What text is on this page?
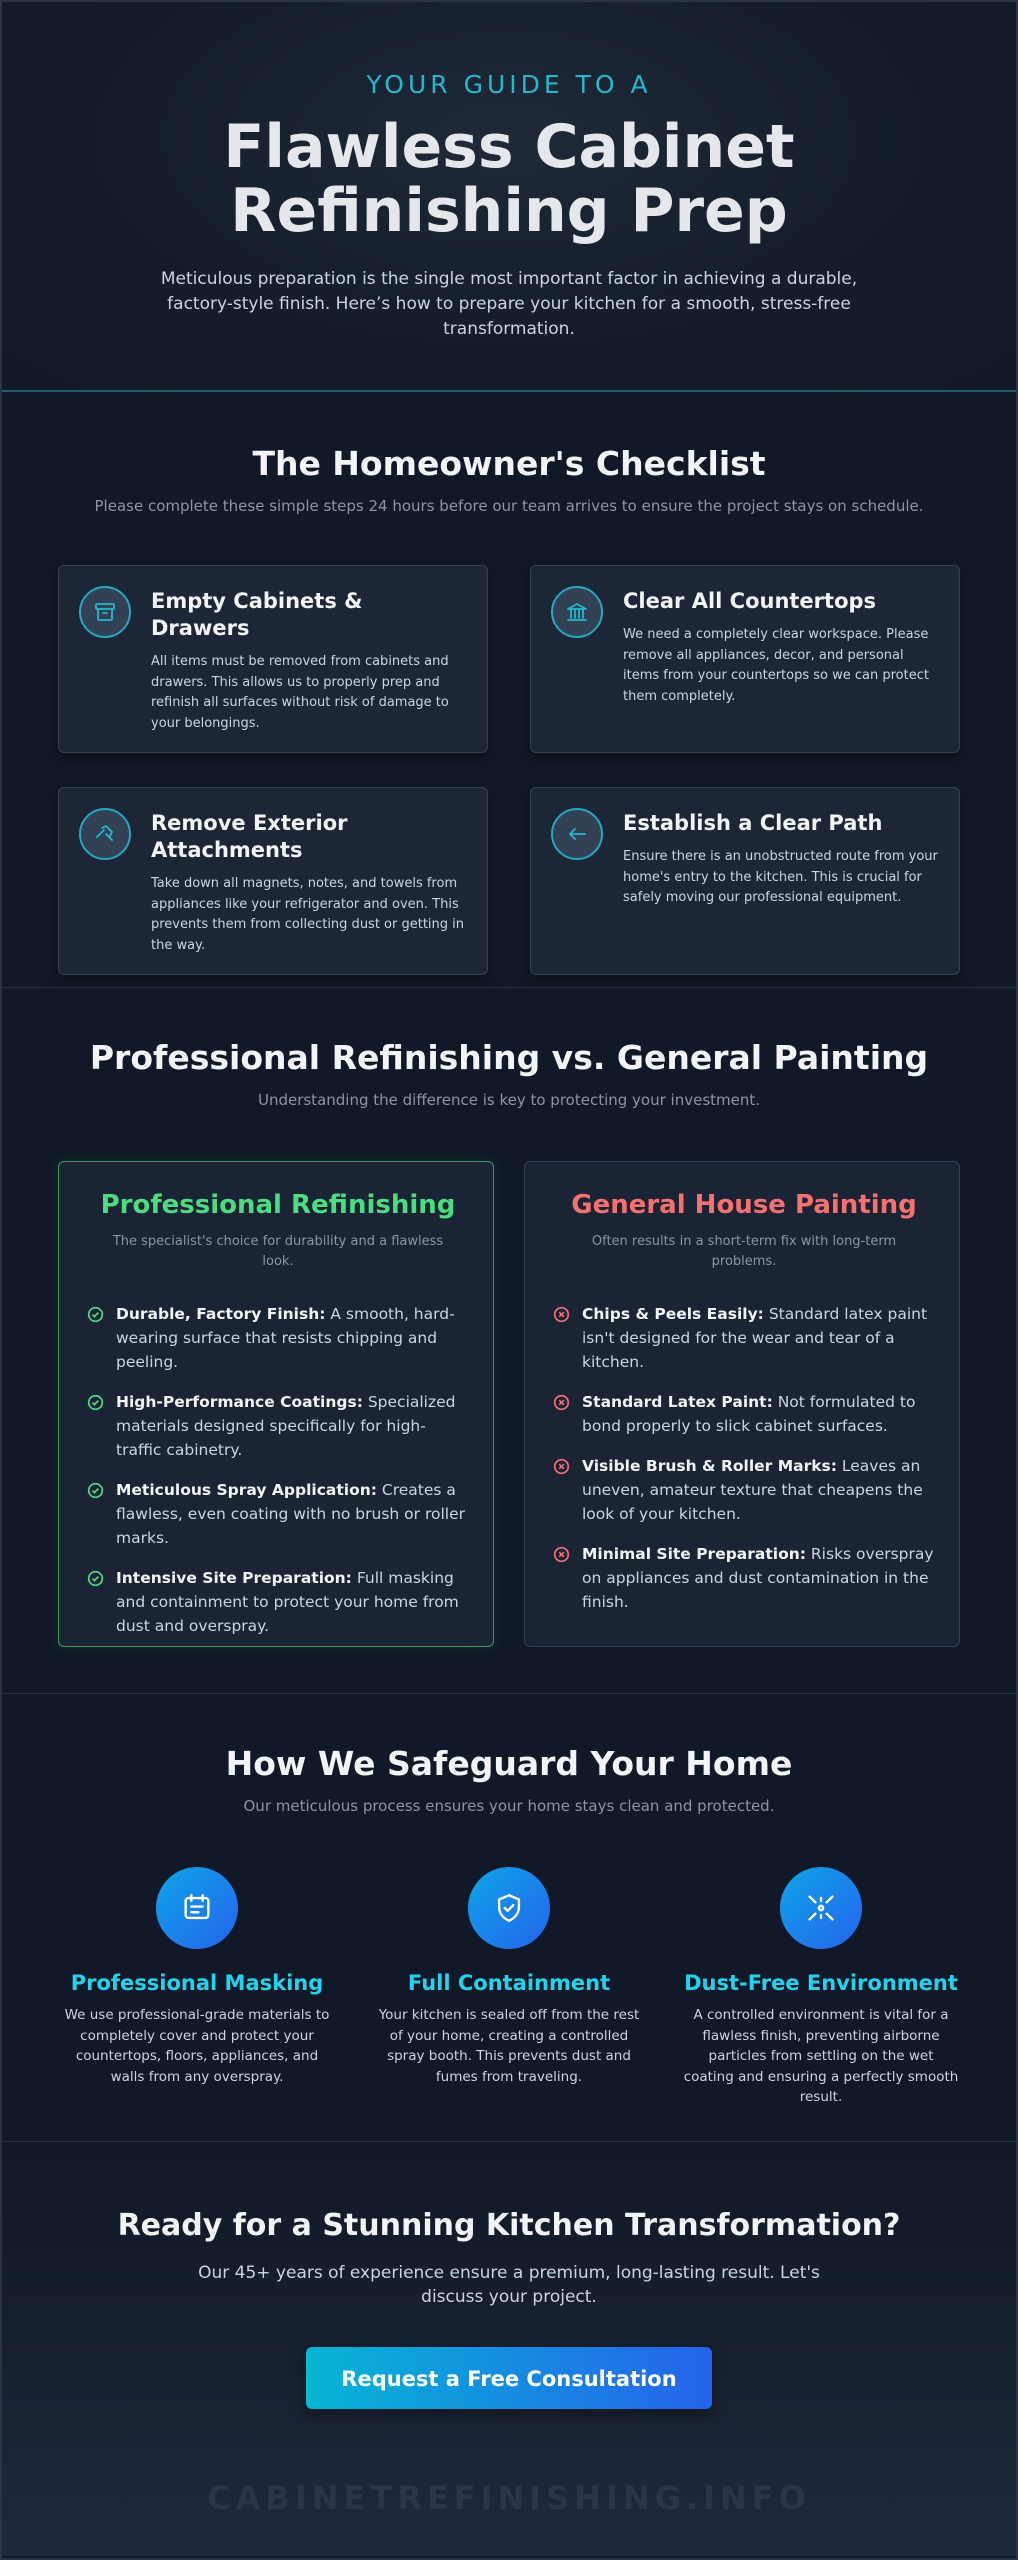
YOUR GUIDE TO A

Flawless Cabinet
Refinishing Prep

Meticulous preparation is the single most important factor in achieving a durable, factory-style finish. Here’s how to prepare your kitchen for a smooth, stress-free transformation.

The Homeowner's Checklist

Please complete these simple steps 24 hours before our team arrives to ensure the project stays on schedule.

Empty Cabinets & Drawers

All items must be removed from cabinets and drawers. This allows us to properly prep and refinish all surfaces without risk of damage to your belongings.

Clear All Countertops

We need a completely clear workspace. Please remove all appliances, decor, and personal items from your countertops so we can protect them completely.

Remove Exterior Attachments

Take down all magnets, notes, and towels from appliances like your refrigerator and oven. This prevents them from collecting dust or getting in the way.

Establish a Clear Path

Ensure there is an unobstructed route from your home's entry to the kitchen. This is crucial for safely moving our professional equipment.

Professional Refinishing vs. General Painting

Understanding the difference is key to protecting your investment.

Professional Refinishing

The specialist's choice for durability and a flawless look.

Durable, Factory Finish: A smooth, hard-wearing surface that resists chipping and peeling.
High-Performance Coatings: Specialized materials designed specifically for high-traffic cabinetry.
Meticulous Spray Application: Creates a flawless, even coating with no brush or roller marks.
Intensive Site Preparation: Full masking and containment to protect your home from dust and overspray.
General House Painting

Often results in a short-term fix with long-term problems.

Chips & Peels Easily: Standard latex paint isn't designed for the wear and tear of a kitchen.
Standard Latex Paint: Not formulated to bond properly to slick cabinet surfaces.
Visible Brush & Roller Marks: Leaves an uneven, amateur texture that cheapens the look of your kitchen.
Minimal Site Preparation: Risks overspray on appliances and dust contamination in the finish.
How We Safeguard Your Home

Our meticulous process ensures your home stays clean and protected.

Professional Masking

We use professional-grade materials to completely cover and protect your countertops, floors, appliances, and walls from any overspray.

Full Containment

Your kitchen is sealed off from the rest of your home, creating a controlled spray booth. This prevents dust and fumes from traveling.

Dust-Free Environment

A controlled environment is vital for a flawless finish, preventing airborne particles from settling on the wet coating and ensuring a perfectly smooth result.

Ready for a Stunning Kitchen Transformation?

Our 45+ years of experience ensure a premium, long-lasting result. Let's discuss your project.

Request a Free Consultation
CABINETREFINISHING.INFO
